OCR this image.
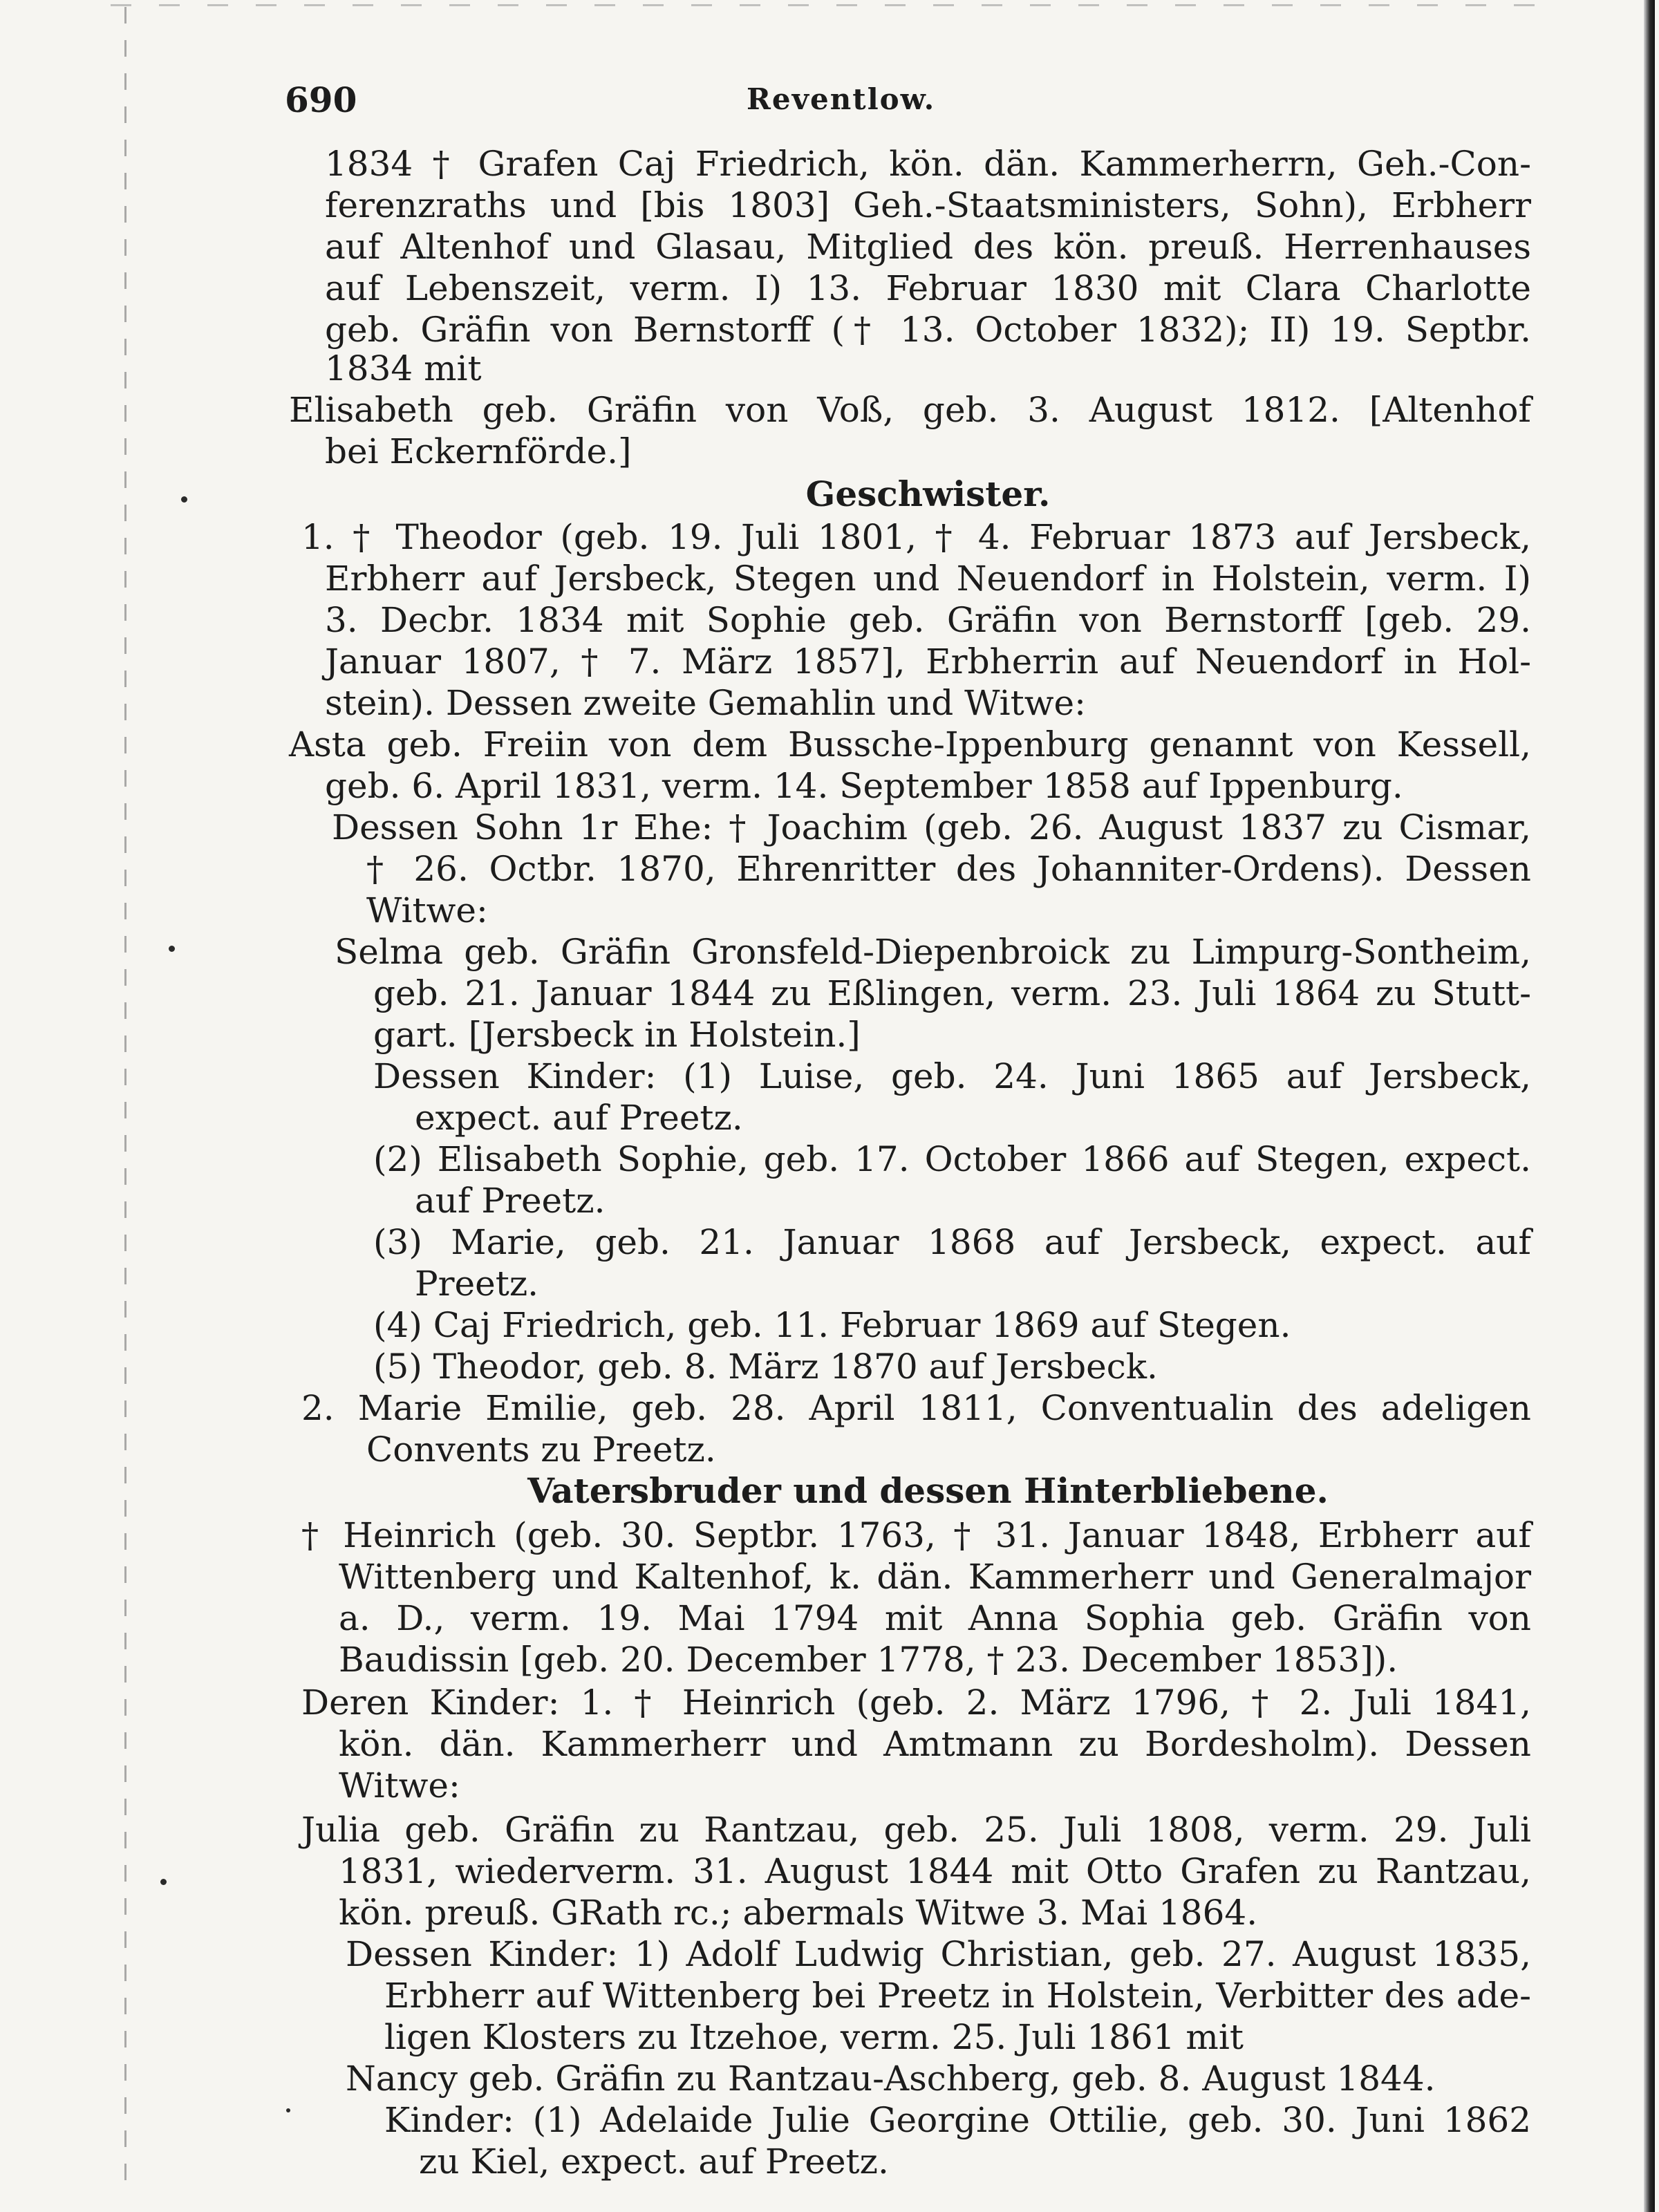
690	Reventlow.
1834 † Grafen Caj Friedrich, kön. dän. Kammerherrn, Geh.-Con-
ferenzraths und [bis 1803] Geh.-Staatsministers, Sohn), Erbherr
auf Altenhof und Glasau, Mitglied des kön. preuß. Herrenhauses
auf Lebenszeit, verm. I) 13. Februar 1830 mit Clara Charlotte
geb. Gräfin von Bernstorff († 13. October 1832); II) 19. Septbr.
1834 mit
Elisabeth geb. Gräfin von Voß, geb. 3. August 1812. [Altenhof
bei Eckernförde.]
Geschwister.
1. † Theodor (geb. 19. Juli 1801, † 4. Februar 1873 auf Jersbeck,
Erbherr auf Jersbeck, Stegen und Neuendorf in Holstein, verm. I)
3. Decbr. 1834 mit Sophie geb. Gräfin von Bernstorff [geb. 29.
Januar 1807, † 7. März 1857], Erbherrin auf Neuendorf in Hol-
stein). Dessen zweite Gemahlin und Witwe:
Asta geb. Freiin von dem Bussche-Ippenburg genannt von Kessell,
geb. 6. April 1831, verm. 14. September 1858 auf Ippenburg.
Dessen Sohn 1r Ehe: † Joachim (geb. 26. August 1837 zu Cismar,
† 26. Octbr. 1870, Ehrenritter des Johanniter-Ordens). Dessen
Witwe:
Selma geb. Gräfin Gronsfeld-Diepenbroick zu Limpurg-Sontheim,
geb. 21. Januar 1844 zu Eßlingen, verm. 23. Juli 1864 zu Stutt-
gart. [Jersbeck in Holstein.]
Dessen Kinder: (1) Luise, geb. 24. Juni 1865 auf Jersbeck,
expect. auf Preetz.
(2) Elisabeth Sophie, geb. 17. October 1866 auf Stegen, expect.
auf Preetz.
(3) Marie, geb. 21. Januar 1868 auf Jersbeck, expect. auf
Preetz.
(4) Caj Friedrich, geb. 11. Februar 1869 auf Stegen.
(5) Theodor, geb. 8. März 1870 auf Jersbeck.
2. Marie Emilie, geb. 28. April 1811, Conventualin des adeligen
Convents zu Preetz.
Vatersbruder und dessen Hinterbliebene.
† Heinrich (geb. 30. Septbr. 1763, † 31. Januar 1848, Erbherr auf
Wittenberg und Kaltenhof, k. dän. Kammerherr und Generalmajor
a. D., verm. 19. Mai 1794 mit Anna Sophia geb. Gräfin von
Baudissin [geb. 20. December 1778, † 23. December 1853]).
Deren Kinder: 1. † Heinrich (geb. 2. März 1796, † 2. Juli 1841,
kön. dän. Kammerherr und Amtmann zu Bordesholm). Dessen
Witwe:
Julia geb. Gräfin zu Rantzau, geb. 25. Juli 1808, verm. 29. Juli
1831, wiederverm. 31. August 1844 mit Otto Grafen zu Rantzau,
kön. preuß. GRath rc.; abermals Witwe 3. Mai 1864.
Dessen Kinder: 1) Adolf Ludwig Christian, geb. 27. August 1835,
Erbherr auf Wittenberg bei Preetz in Holstein, Verbitter des ade-
ligen Klosters zu Itzehoe, verm. 25. Juli 1861 mit
Nancy geb. Gräfin zu Rantzau-Aschberg, geb. 8. August 1844.
Kinder: (1) Adelaide Julie Georgine Ottilie, geb. 30. Juni 1862
zu Kiel, expect. auf Preetz.
